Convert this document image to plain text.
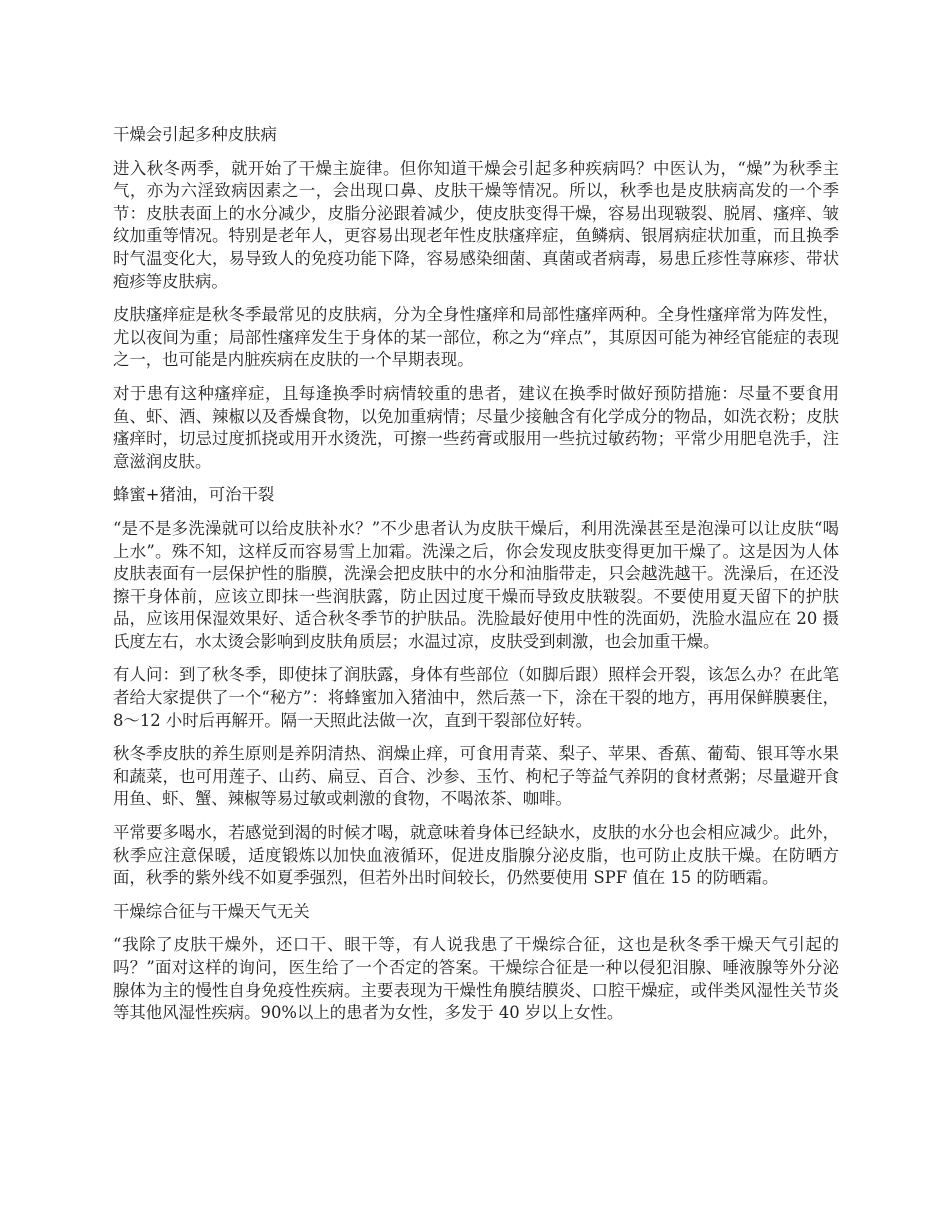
干燥会引起多种皮肤病

进入秋冬两季，就开始了干燥主旋律。但你知道干燥会引起多种疾病吗？中医认为，“燥”为秋季主气，亦为六淫致病因素之一，会出现口鼻、皮肤干燥等情况。所以，秋季也是皮肤病高发的一个季节：皮肤表面上的水分减少，皮脂分泌跟着减少，使皮肤变得干燥，容易出现皲裂、脱屑、瘙痒、皱纹加重等情况。特别是老年人，更容易出现老年性皮肤瘙痒症，鱼鳞病、银屑病症状加重，而且换季时气温变化大，易导致人的免疫功能下降，容易感染细菌、真菌或者病毒，易患丘疹性荨麻疹、带状疱疹等皮肤病。

皮肤瘙痒症是秋冬季最常见的皮肤病，分为全身性瘙痒和局部性瘙痒两种。全身性瘙痒常为阵发性，尤以夜间为重；局部性瘙痒发生于身体的某一部位，称之为“痒点”，其原因可能为神经官能症的表现之一，也可能是内脏疾病在皮肤的一个早期表现。

对于患有这种瘙痒症，且每逢换季时病情较重的患者，建议在换季时做好预防措施：尽量不要食用鱼、虾、酒、辣椒以及香燥食物，以免加重病情；尽量少接触含有化学成分的物品，如洗衣粉；皮肤瘙痒时，切忌过度抓挠或用开水烫洗，可擦一些药膏或服用一些抗过敏药物；平常少用肥皂洗手，注意滋润皮肤。

蜂蜜+猪油，可治干裂

“是不是多洗澡就可以给皮肤补水？”不少患者认为皮肤干燥后，利用洗澡甚至是泡澡可以让皮肤“喝上水”。殊不知，这样反而容易雪上加霜。洗澡之后，你会发现皮肤变得更加干燥了。这是因为人体皮肤表面有一层保护性的脂膜，洗澡会把皮肤中的水分和油脂带走，只会越洗越干。洗澡后，在还没擦干身体前，应该立即抹一些润肤露，防止因过度干燥而导致皮肤皲裂。不要使用夏天留下的护肤品，应该用保湿效果好、适合秋冬季节的护肤品。洗脸最好使用中性的洗面奶，洗脸水温应在 20 摄氏度左右，水太烫会影响到皮肤角质层；水温过凉，皮肤受到刺激，也会加重干燥。

有人问：到了秋冬季，即使抹了润肤露，身体有些部位（如脚后跟）照样会开裂，该怎么办？在此笔者给大家提供了一个“秘方”：将蜂蜜加入猪油中，然后蒸一下，涂在干裂的地方，再用保鲜膜裹住，8～12 小时后再解开。隔一天照此法做一次，直到干裂部位好转。

秋冬季皮肤的养生原则是养阴清热、润燥止痒，可食用青菜、梨子、苹果、香蕉、葡萄、银耳等水果和蔬菜，也可用莲子、山药、扁豆、百合、沙参、玉竹、枸杞子等益气养阴的食材煮粥；尽量避开食用鱼、虾、蟹、辣椒等易过敏或刺激的食物，不喝浓茶、咖啡。

平常要多喝水，若感觉到渴的时候才喝，就意味着身体已经缺水，皮肤的水分也会相应减少。此外，秋季应注意保暖，适度锻炼以加快血液循环，促进皮脂腺分泌皮脂，也可防止皮肤干燥。在防晒方面，秋季的紫外线不如夏季强烈，但若外出时间较长，仍然要使用 SPF 值在 15 的防晒霜。

干燥综合征与干燥天气无关

“我除了皮肤干燥外，还口干、眼干等，有人说我患了干燥综合征，这也是秋冬季干燥天气引起的吗？”面对这样的询问，医生给了一个否定的答案。干燥综合征是一种以侵犯泪腺、唾液腺等外分泌腺体为主的慢性自身免疫性疾病。主要表现为干燥性角膜结膜炎、口腔干燥症，或伴类风湿性关节炎等其他风湿性疾病。90%以上的患者为女性，多发于 40 岁以上女性。
